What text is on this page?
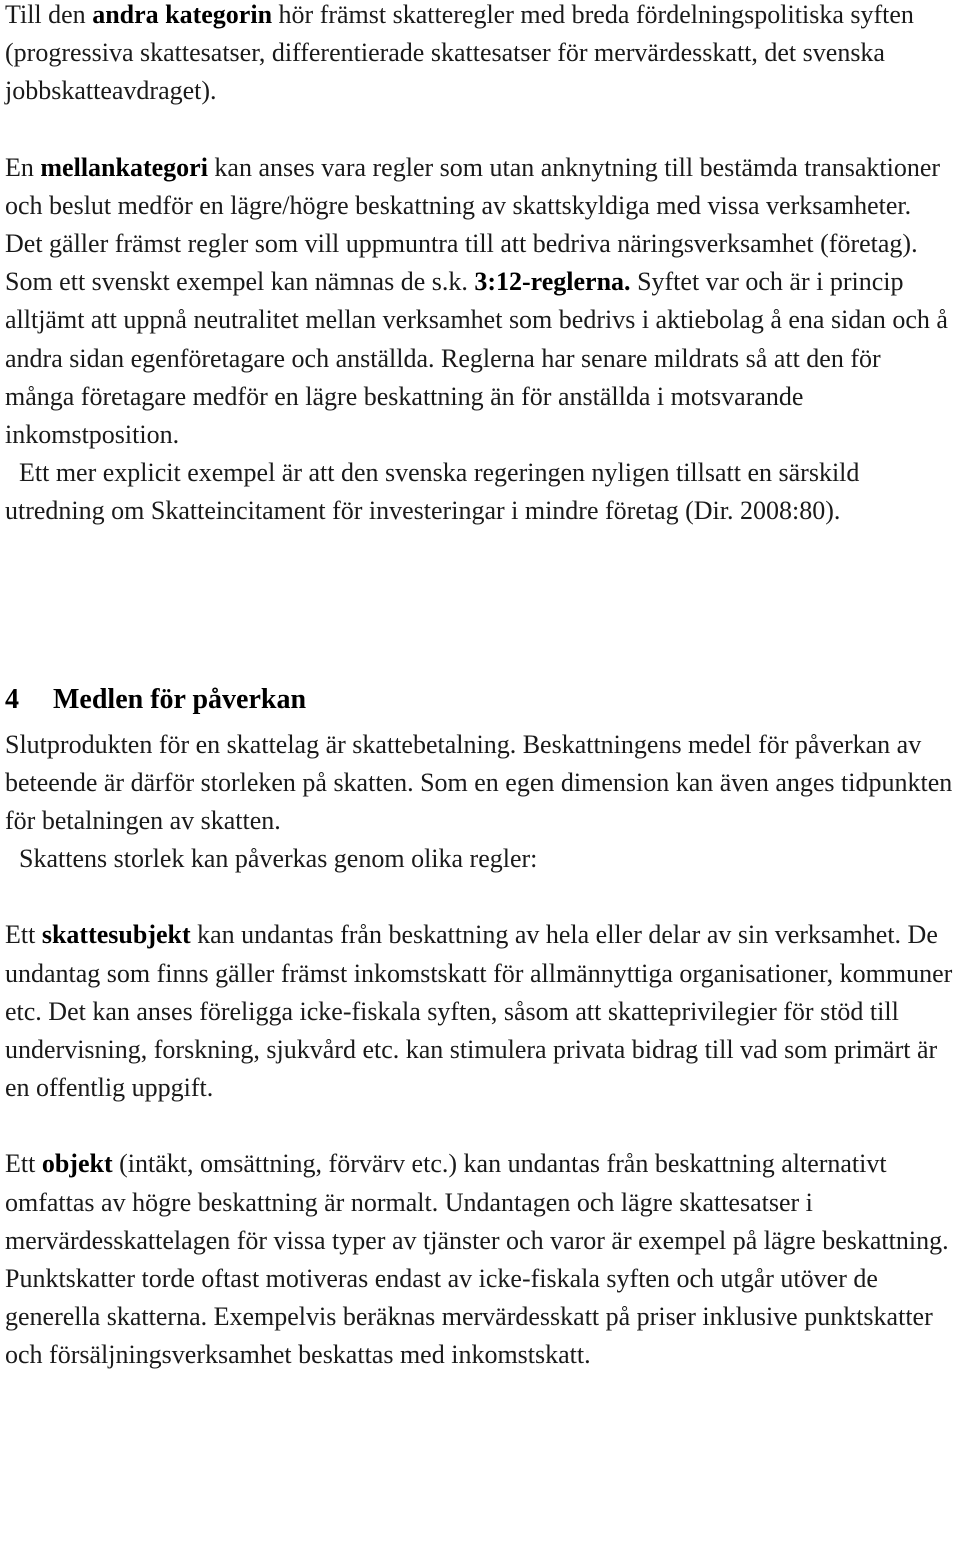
Till den andra kategorin hör främst skatteregler med breda fördelningspolitiska syften (progressiva skattesatser, differentierade skattesatser för mervärdesskatt, det svenska jobbskatteavdraget).

En mellankategori kan anses vara regler som utan anknytning till bestämda transaktioner och beslut medför en lägre/högre beskattning av skattskyldiga med vissa verksamheter. Det gäller främst regler som vill uppmuntra till att bedriva näringsverksamhet (företag). Som ett svenskt exempel kan nämnas de s.k. 3:12-reglerna. Syftet var och är i princip alltjämt att uppnå neutralitet mellan verksamhet som bedrivs i aktiebolag å ena sidan och å andra sidan egenföretagare och anställda. Reglerna har senare mildrats så att den för många företagare medför en lägre beskattning än för anställda i motsvarande inkomstposition.

Ett mer explicit exempel är att den svenska regeringen nyligen tillsatt en särskild utredning om Skatteincitament för investeringar i mindre företag (Dir. 2008:80).

4 Medlen för påverkan

Slutprodukten för en skattelag är skattebetalning. Beskattningens medel för påverkan av beteende är därför storleken på skatten. Som en egen dimension kan även anges tidpunkten för betalningen av skatten.

Skattens storlek kan påverkas genom olika regler:

Ett skattesubjekt kan undantas från beskattning av hela eller delar av sin verksamhet. De undantag som finns gäller främst inkomstskatt för allmännyttiga organisationer, kommuner etc. Det kan anses föreligga icke-fiskala syften, såsom att skatteprivilegier för stöd till undervisning, forskning, sjukvård etc. kan stimulera privata bidrag till vad som primärt är en offentlig uppgift.

Ett objekt (intäkt, omsättning, förvärv etc.) kan undantas från beskattning alternativt omfattas av högre beskattning är normalt. Undantagen och lägre skattesatser i mervärdesskattelagen för vissa typer av tjänster och varor är exempel på lägre beskattning. Punktskatter torde oftast motiveras endast av icke-fiskala syften och utgår utöver de generella skatterna. Exempelvis beräknas mervärdesskatt på priser inklusive punktskatter och försäljningsverksamhet beskattas med inkomstskatt.
